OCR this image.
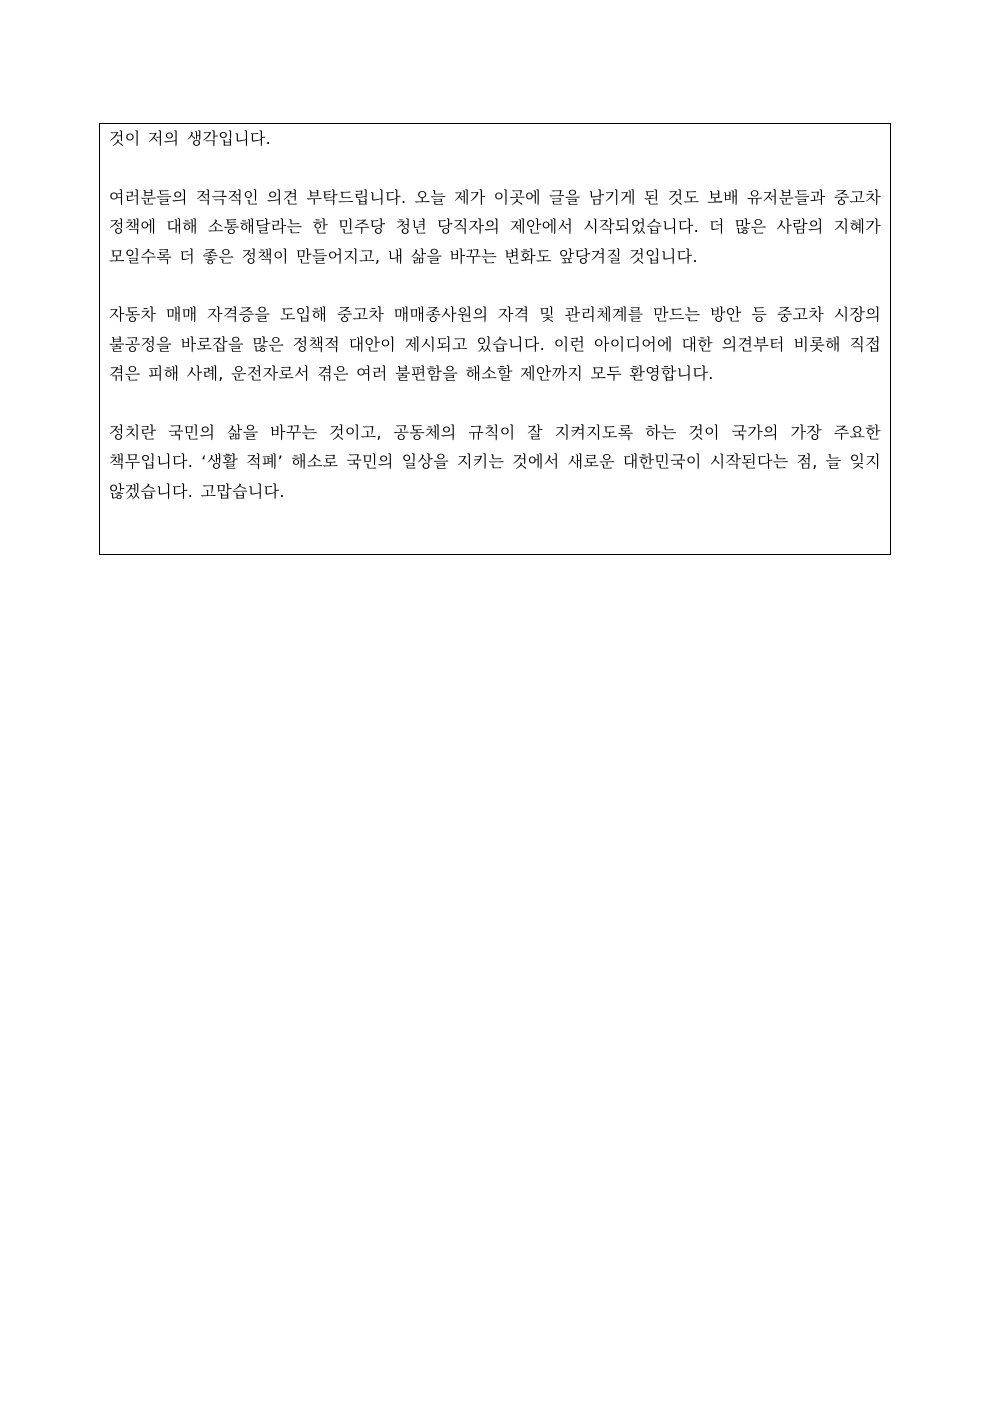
것이 저의 생각입니다.

여러분들의 적극적인 의견 부탁드립니다. 오늘 제가 이곳에 글을 남기게 된 것도 보배 유저분들과 중고차 정책에 대해 소통해달라는 한 민주당 청년 당직자의 제안에서 시작되었습니다. 더 많은 사람의 지혜가 모일수록 더 좋은 정책이 만들어지고, 내 삶을 바꾸는 변화도 앞당겨질 것입니다.

자동차 매매 자격증을 도입해 중고차 매매종사원의 자격 및 관리체계를 만드는 방안 등 중고차 시장의 불공정을 바로잡을 많은 정책적 대안이 제시되고 있습니다. 이런 아이디어에 대한 의견부터 비롯해 직접 겪은 피해 사례, 운전자로서 겪은 여러 불편함을 해소할 제안까지 모두 환영합니다.

정치란 국민의 삶을 바꾸는 것이고, 공동체의 규칙이 잘 지켜지도록 하는 것이 국가의 가장 주요한 책무입니다. ‘생활 적폐’ 해소로 국민의 일상을 지키는 것에서 새로운 대한민국이 시작된다는 점, 늘 잊지 않겠습니다. 고맙습니다.
